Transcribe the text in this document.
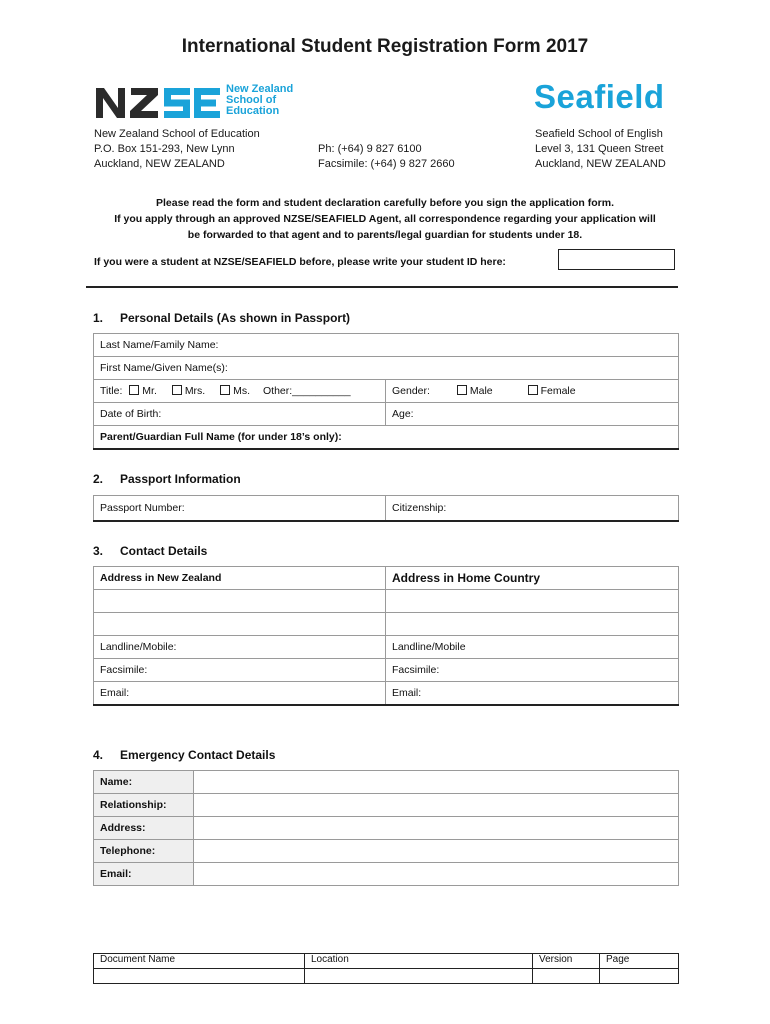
International Student Registration Form 2017
New Zealand
School of
Education	Seafield
New Zealand School of Education
P.O. Box 151-293, New Lynn
Auckland, NEW ZEALAND
Ph: (+64) 9 827 6100
Facsimile: (+64) 9 827 2660
Seafield School of English
Level 3, 131 Queen Street
Auckland, NEW ZEALAND
Please read the form and student declaration carefully before you sign the application form.
If you apply through an approved NZSE/SEAFIELD Agent, all correspondence regarding your application will
be forwarded to that agent and to parents/legal guardian for students under 18.
If you were a student at NZSE/SEAFIELD before, please write your student ID here:
1. Personal Details (As shown in Passport)
Last Name/Family Name:	
First Name/Given Name(s):	
Title: Mr. Mrs. Ms. Other:__________	Gender: Male Female
Date of Birth:	Age:
Parent/Guardian Full Name (for under 18’s only):	
2. Passport Information
Passport Number:	Citizenship:
3. Contact Details
Address in New Zealand	Address in Home Country

Landline/Mobile:	Landline/Mobile
Facsimile:	Facsimile:
Email:	Email:
4. Emergency Contact Details
Name:	
Relationship:	
Address:	
Telephone:	
Email:	
Document Name	Location	Version	Page
